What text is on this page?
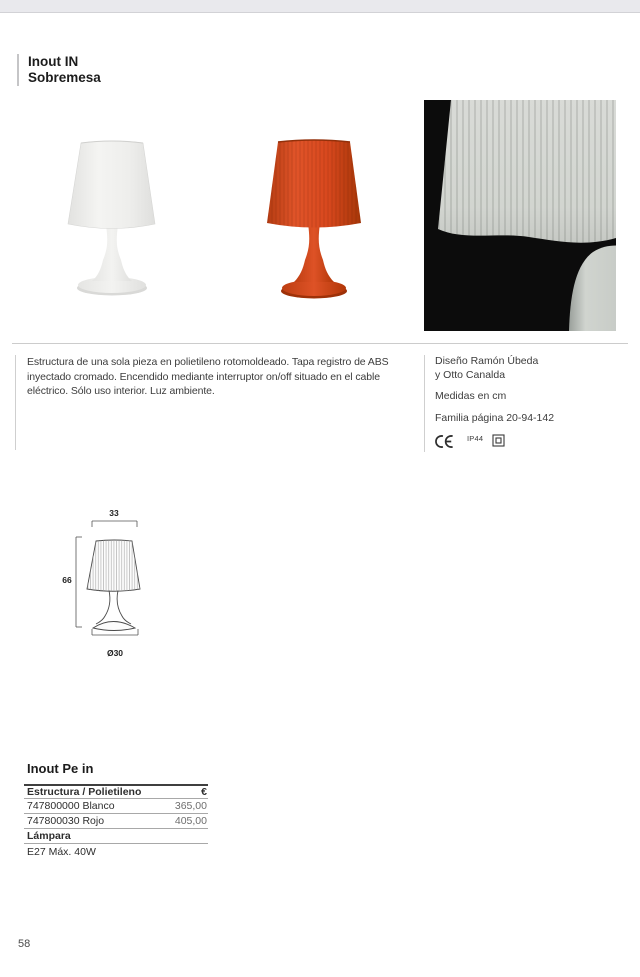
Inout IN
Sobremesa

Estructura de una sola pieza en polietileno rotomoldeado. Tapa registro de ABS inyectado cromado. Encendido mediante interruptor on/off situado en el cable eléctrico. Sólo uso interior. Luz ambiente.

Diseño Ramón Úbeda
y Otto Canalda
Medidas en cm
Familia página 20-94-142
IP44
33
66
Ø30
Inout Pe in
Estructura / Polietileno	€
747800000 Blanco	365,00
747800030 Rojo	405,00
Lámpara
E27 Máx. 40W
58
